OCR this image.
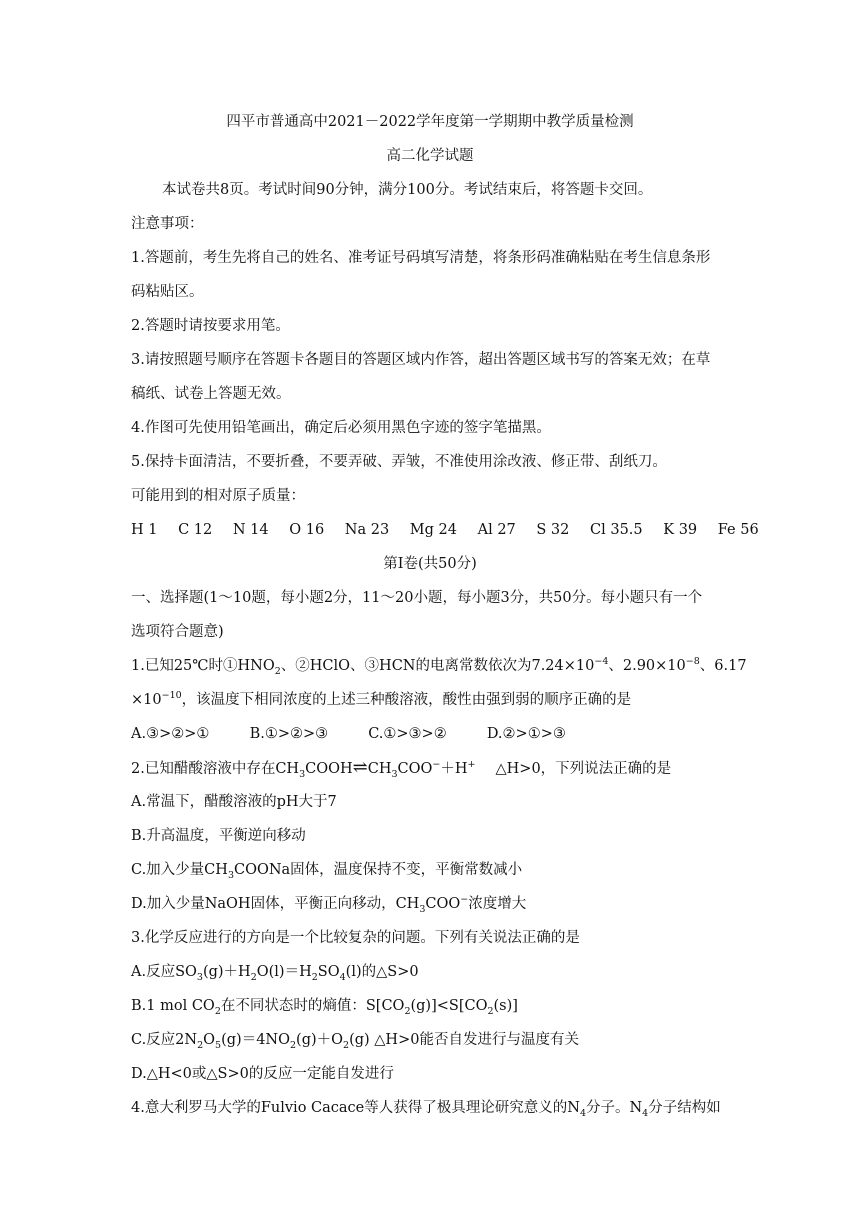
四平市普通高中2021－2022学年度第一学期期中教学质量检测
高二化学试题
本试卷共8页。考试时间90分钟，满分100分。考试结束后，将答题卡交回。
注意事项：
1.答题前，考生先将自己的姓名、准考证号码填写清楚，将条形码准确粘贴在考生信息条形
码粘贴区。
2.答题时请按要求用笔。
3.请按照题号顺序在答题卡各题目的答题区域内作答，超出答题区域书写的答案无效；在草
稿纸、试卷上答题无效。
4.作图可先使用铅笔画出，确定后必须用黑色字迹的签字笔描黑。
5.保持卡面清洁，不要折叠，不要弄破、弄皱，不准使用涂改液、修正带、刮纸刀。
可能用到的相对原子质量：
H 1 C 12 N 14 O 16 Na 23 Mg 24 Al 27 S 32 Cl 35.5 K 39 Fe 56
第I卷(共50分)
一、选择题(1～10题，每小题2分，11～20小题，每小题3分，共50分。每小题只有一个
选项符合题意)
1.已知25℃时$①HNO_2$、②HClO、③HCN的电离常数依次为$7.24\times 10^{-4}$、$2.90\times 10^{-8}$、6.17
$\times 10^{-10}$，该温度下相同浓度的上述三种酸溶液，酸性由强到弱的顺序正确的是
A.③>②>①	B.①>②>③	C.①>③>②	D.②>①>③
2.已知醋酸溶液中存在$CH_3COOH\rightleftharpoons CH_3COO^-+H^+$ △H>0，下列说法正确的是
A.常温下，醋酸溶液的pH大于7
B.升高温度，平衡逆向移动
C.加入少量$CH_3COONa$固体，温度保持不变，平衡常数减小
D.加入少量NaOH固体，平衡正向移动，$CH_3COO^-$浓度增大
3.化学反应进行的方向是一个比较复杂的问题。下列有关说法正确的是
A.反应$SO_3(g)+H_2O(l)=H_2SO_4(l)$的△S>0
B.1 mol $CO_2$在不同状态时的熵值：$S[CO_2(g)]<S[CO_2(s)]$
C.反应$2N_2O_5(g)=4NO_2(g)+O_2(g)$ △H>0能否自发进行与温度有关
D.△H<0或△S>0的反应一定能自发进行
4.意大利罗马大学的Fulvio Cacace等人获得了极具理论研究意义的$N_4$分子。$N_4$分子结构如
